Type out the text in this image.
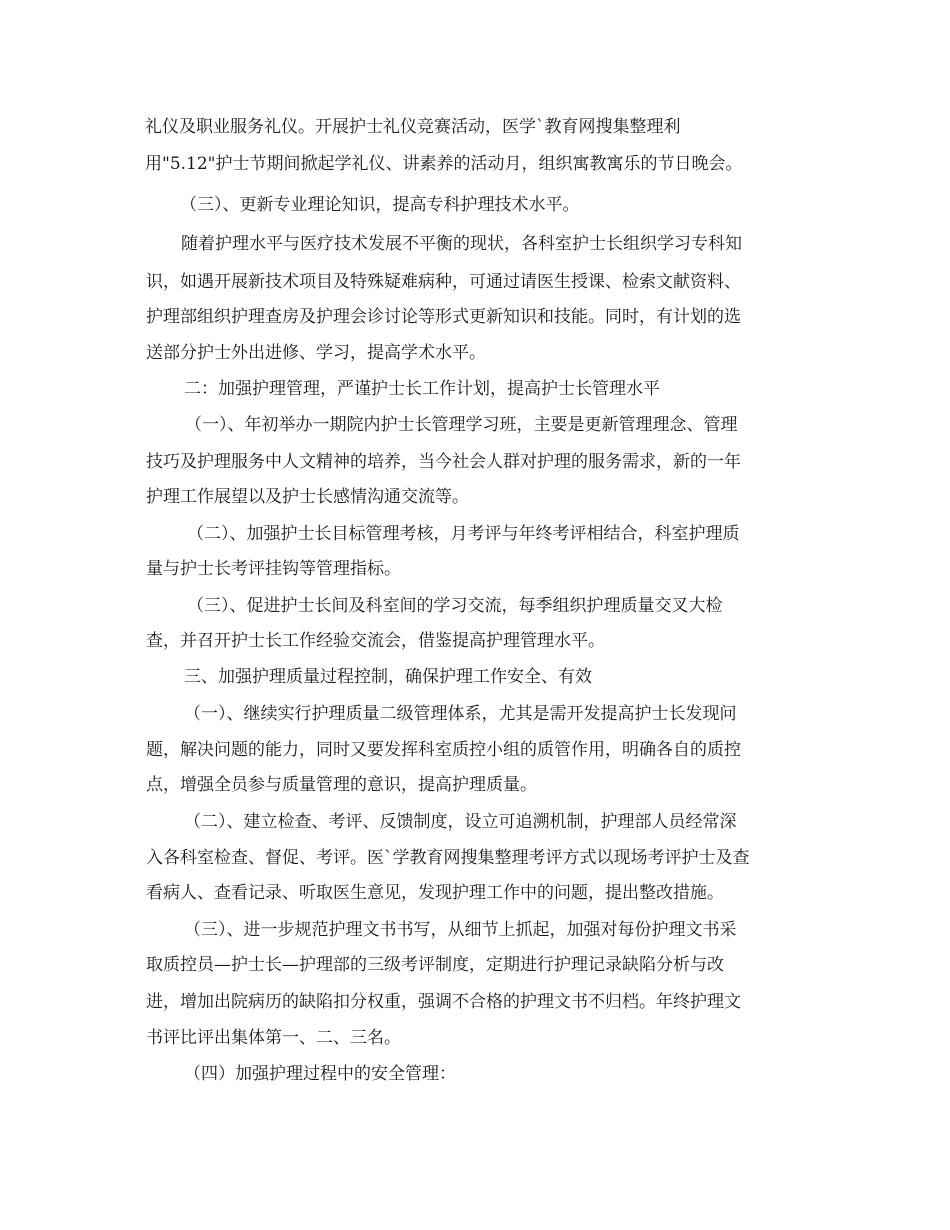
礼仪及职业服务礼仪。开展护士礼仪竞赛活动，医学`教育网搜集整理利
用"5.12"护士节期间掀起学礼仪、讲素养的活动月，组织寓教寓乐的节日晚会。
（三）、更新专业理论知识，提高专科护理技术水平。
随着护理水平与医疗技术发展不平衡的现状，各科室护士长组织学习专科知
识，如遇开展新技术项目及特殊疑难病种，可通过请医生授课、检索文献资料、
护理部组织护理查房及护理会诊讨论等形式更新知识和技能。同时，有计划的选
送部分护士外出进修、学习，提高学术水平。
二：加强护理管理，严谨护士长工作计划，提高护士长管理水平
（一）、年初举办一期院内护士长管理学习班，主要是更新管理理念、管理
技巧及护理服务中人文精神的培养，当今社会人群对护理的服务需求，新的一年
护理工作展望以及护士长感情沟通交流等。
（二）、加强护士长目标管理考核，月考评与年终考评相结合，科室护理质
量与护士长考评挂钩等管理指标。
（三）、促进护士长间及科室间的学习交流，每季组织护理质量交叉大检
查，并召开护士长工作经验交流会，借鉴提高护理管理水平。
三、加强护理质量过程控制，确保护理工作安全、有效
（一）、继续实行护理质量二级管理体系，尤其是需开发提高护士长发现问
题，解决问题的能力，同时又要发挥科室质控小组的质管作用，明确各自的质控
点，增强全员参与质量管理的意识，提高护理质量。
（二）、建立检查、考评、反馈制度，设立可追溯机制，护理部人员经常深
入各科室检查、督促、考评。医`学教育网搜集整理考评方式以现场考评护士及查
看病人、查看记录、听取医生意见，发现护理工作中的问题，提出整改措施。
（三）、进一步规范护理文书书写，从细节上抓起，加强对每份护理文书采
取质控员—护士长—护理部的三级考评制度，定期进行护理记录缺陷分析与改
进，增加出院病历的缺陷扣分权重，强调不合格的护理文书不归档。年终护理文
书评比评出集体第一、二、三名。
（四）加强护理过程中的安全管理：
